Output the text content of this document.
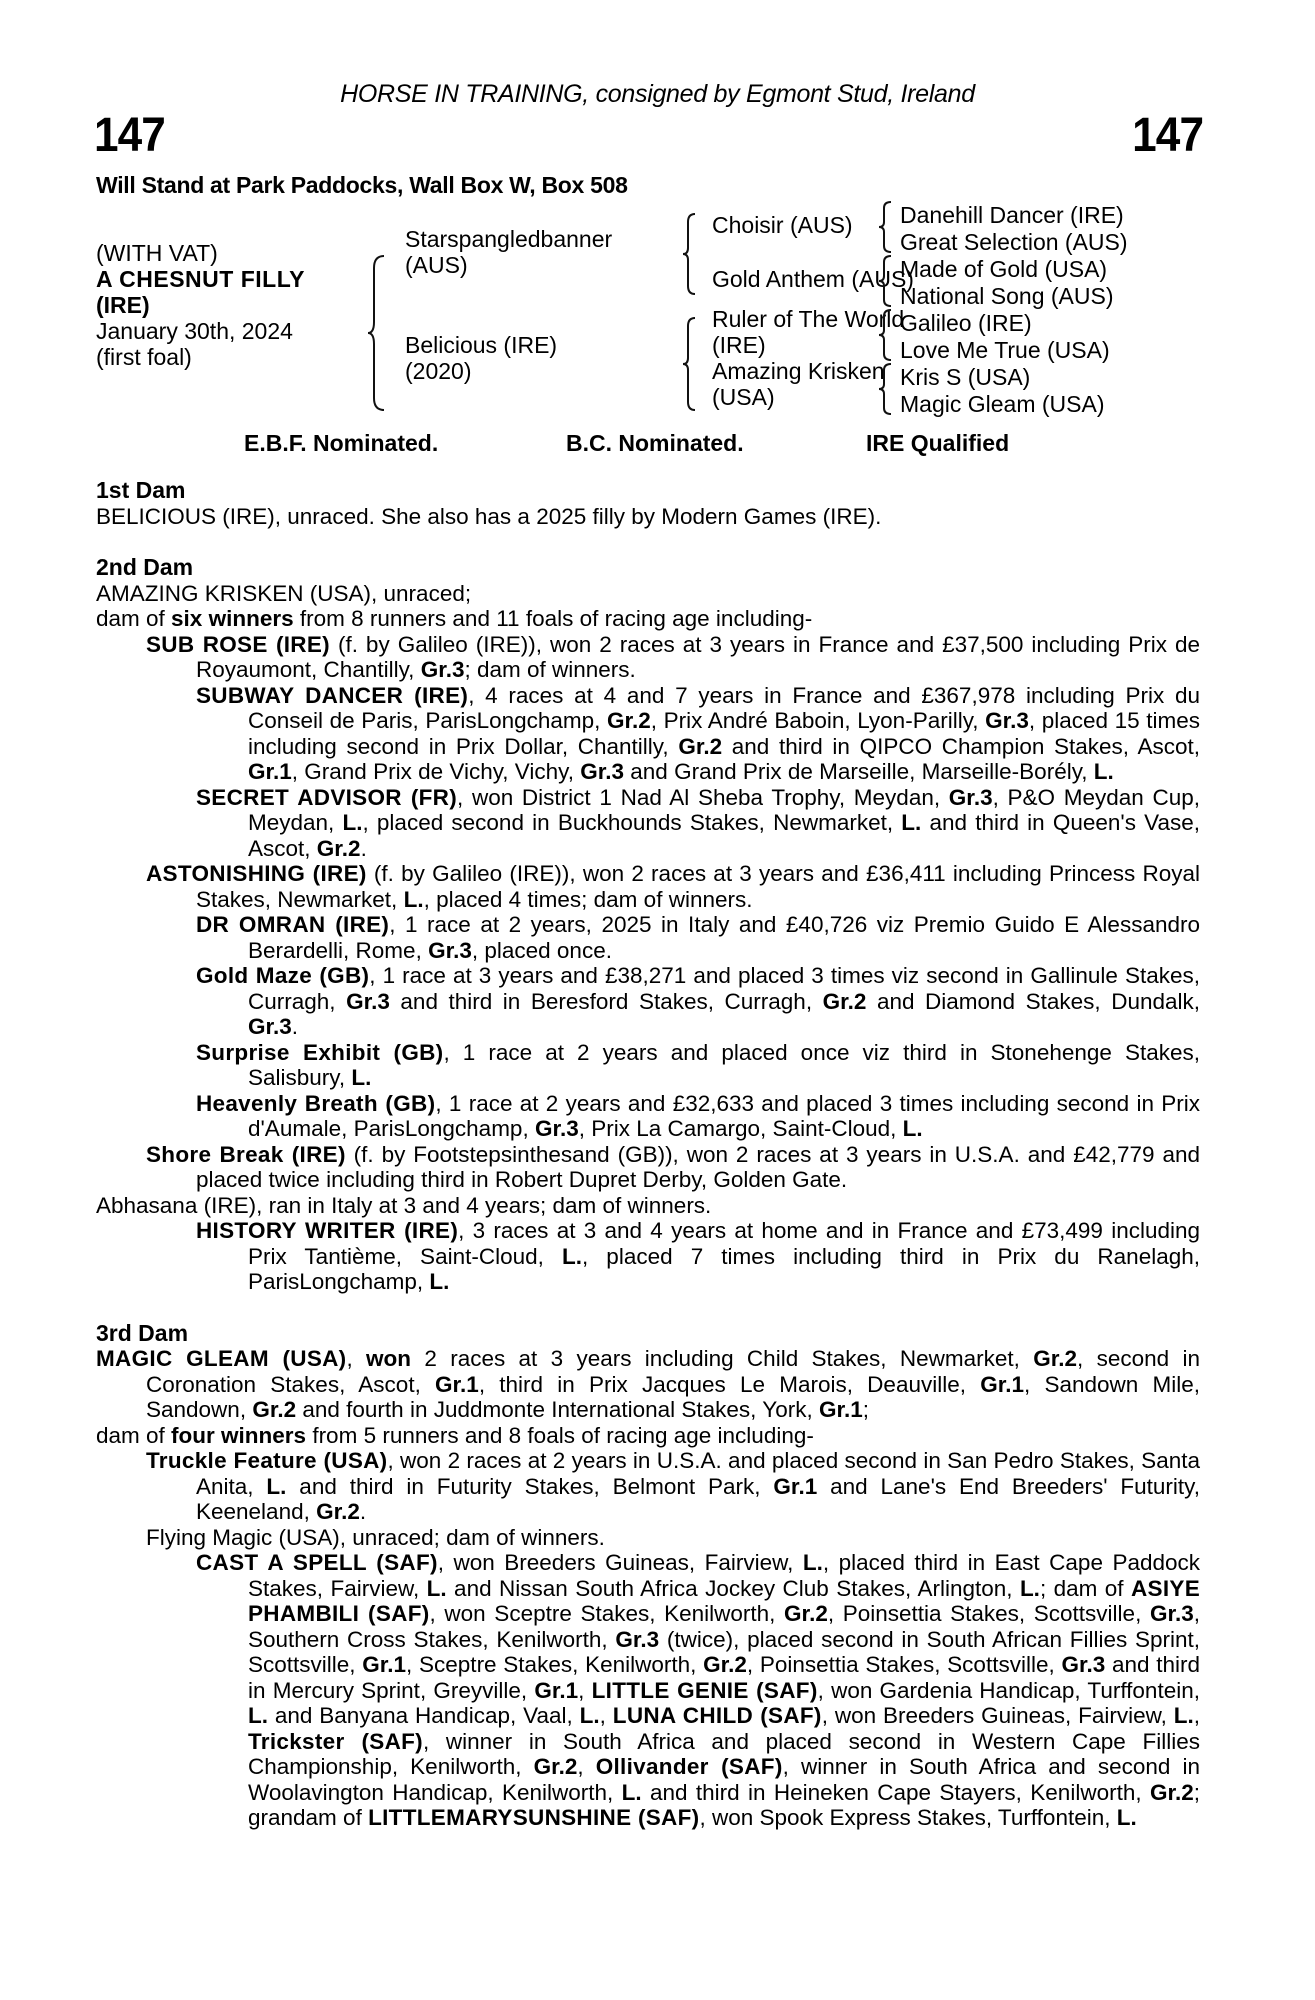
HORSE IN TRAINING, consigned by Egmont Stud, Ireland
147	147
Will Stand at Park Paddocks, Wall Box W, Box 508
(WITH VAT)
A CHESNUT FILLY
(IRE)
January 30th, 2024
(first foal)
Starspangledbanner
(AUS)
Belicious (IRE)
(2020)
Choisir (AUS)
Gold Anthem (AUS)
Ruler of The World
(IRE)
Amazing Krisken
(USA)
Danehill Dancer (IRE)
Great Selection (AUS)
Made of Gold (USA)
National Song (AUS)
Galileo (IRE)
Love Me True (USA)
Kris S (USA)
Magic Gleam (USA)
E.B.F. Nominated.	B.C. Nominated.	IRE Qualified
1st Dam
BELICIOUS (IRE), unraced. She also has a 2025 filly by Modern Games (IRE).
2nd Dam
AMAZING KRISKEN (USA), unraced;
dam of six winners from 8 runners and 11 foals of racing age including-
SUB ROSE (IRE) (f. by Galileo (IRE)), won 2 races at 3 years in France and £37,500 including Prix de Royaumont, Chantilly, Gr.3; dam of winners.
SUBWAY DANCER (IRE), 4 races at 4 and 7 years in France and £367,978 including Prix du Conseil de Paris, ParisLongchamp, Gr.2, Prix André Baboin, Lyon-Parilly, Gr.3, placed 15 times including second in Prix Dollar, Chantilly, Gr.2 and third in QIPCO Champion Stakes, Ascot, Gr.1, Grand Prix de Vichy, Vichy, Gr.3 and Grand Prix de Marseille, Marseille-Borély, L.
SECRET ADVISOR (FR), won District 1 Nad Al Sheba Trophy, Meydan, Gr.3, P&O Meydan Cup, Meydan, L., placed second in Buckhounds Stakes, Newmarket, L. and third in Queen's Vase, Ascot, Gr.2.
ASTONISHING (IRE) (f. by Galileo (IRE)), won 2 races at 3 years and £36,411 including Princess Royal Stakes, Newmarket, L., placed 4 times; dam of winners.
DR OMRAN (IRE), 1 race at 2 years, 2025 in Italy and £40,726 viz Premio Guido E Alessandro Berardelli, Rome, Gr.3, placed once.
Gold Maze (GB), 1 race at 3 years and £38,271 and placed 3 times viz second in Gallinule Stakes, Curragh, Gr.3 and third in Beresford Stakes, Curragh, Gr.2 and Diamond Stakes, Dundalk, Gr.3.
Surprise Exhibit (GB), 1 race at 2 years and placed once viz third in Stonehenge Stakes, Salisbury, L.
Heavenly Breath (GB), 1 race at 2 years and £32,633 and placed 3 times including second in Prix d'Aumale, ParisLongchamp, Gr.3, Prix La Camargo, Saint-Cloud, L.
Shore Break (IRE) (f. by Footstepsinthesand (GB)), won 2 races at 3 years in U.S.A. and £42,779 and placed twice including third in Robert Dupret Derby, Golden Gate.
Abhasana (IRE), ran in Italy at 3 and 4 years; dam of winners.
HISTORY WRITER (IRE), 3 races at 3 and 4 years at home and in France and £73,499 including Prix Tantième, Saint-Cloud, L., placed 7 times including third in Prix du Ranelagh, ParisLongchamp, L.
3rd Dam
MAGIC GLEAM (USA), won 2 races at 3 years including Child Stakes, Newmarket, Gr.2, second in Coronation Stakes, Ascot, Gr.1, third in Prix Jacques Le Marois, Deauville, Gr.1, Sandown Mile, Sandown, Gr.2 and fourth in Juddmonte International Stakes, York, Gr.1;
dam of four winners from 5 runners and 8 foals of racing age including-
Truckle Feature (USA), won 2 races at 2 years in U.S.A. and placed second in San Pedro Stakes, Santa Anita, L. and third in Futurity Stakes, Belmont Park, Gr.1 and Lane's End Breeders' Futurity, Keeneland, Gr.2.
Flying Magic (USA), unraced; dam of winners.
CAST A SPELL (SAF), won Breeders Guineas, Fairview, L., placed third in East Cape Paddock Stakes, Fairview, L. and Nissan South Africa Jockey Club Stakes, Arlington, L.; dam of ASIYE PHAMBILI (SAF), won Sceptre Stakes, Kenilworth, Gr.2, Poinsettia Stakes, Scottsville, Gr.3, Southern Cross Stakes, Kenilworth, Gr.3 (twice), placed second in South African Fillies Sprint, Scottsville, Gr.1, Sceptre Stakes, Kenilworth, Gr.2, Poinsettia Stakes, Scottsville, Gr.3 and third in Mercury Sprint, Greyville, Gr.1, LITTLE GENIE (SAF), won Gardenia Handicap, Turffontein, L. and Banyana Handicap, Vaal, L., LUNA CHILD (SAF), won Breeders Guineas, Fairview, L., Trickster (SAF), winner in South Africa and placed second in Western Cape Fillies Championship, Kenilworth, Gr.2, Ollivander (SAF), winner in South Africa and second in Woolavington Handicap, Kenilworth, L. and third in Heineken Cape Stayers, Kenilworth, Gr.2; grandam of LITTLEMARYSUNSHINE (SAF), won Spook Express Stakes, Turffontein, L.
